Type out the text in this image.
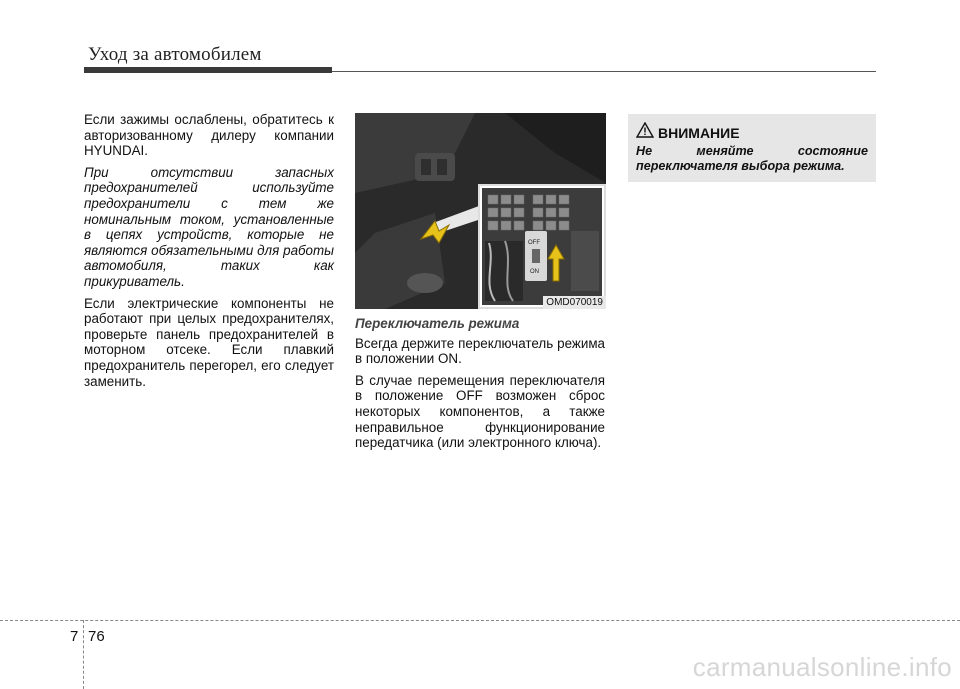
Уход за автомобилем

Если зажимы ослаблены, обратитесь к авторизованному дилеру компании HYUNDAI.

При отсутствии запасных предохранителей используйте предохранители с тем же номинальным током, установленные в цепях устройств, которые не являются обязательными для работы автомобиля, таких как прикуриватель.

Если электрические компоненты не работают при целых предохранителях, проверьте панель предохранителей в моторном отсеке. Если плавкий предохранитель перегорел, его следует заменить.

OFF
ON
OMD070019

Переключатель режима

Всегда держите переключатель режима в положении ON.

В случае перемещения переключателя в положение OFF возможен сброс некоторых компонентов, а также неправильное функционирование передатчика (или электронного ключа).

ВНИМАНИЕ
Не меняйте состояние переключателя выбора режима.
7 76
carmanualsonline.info
